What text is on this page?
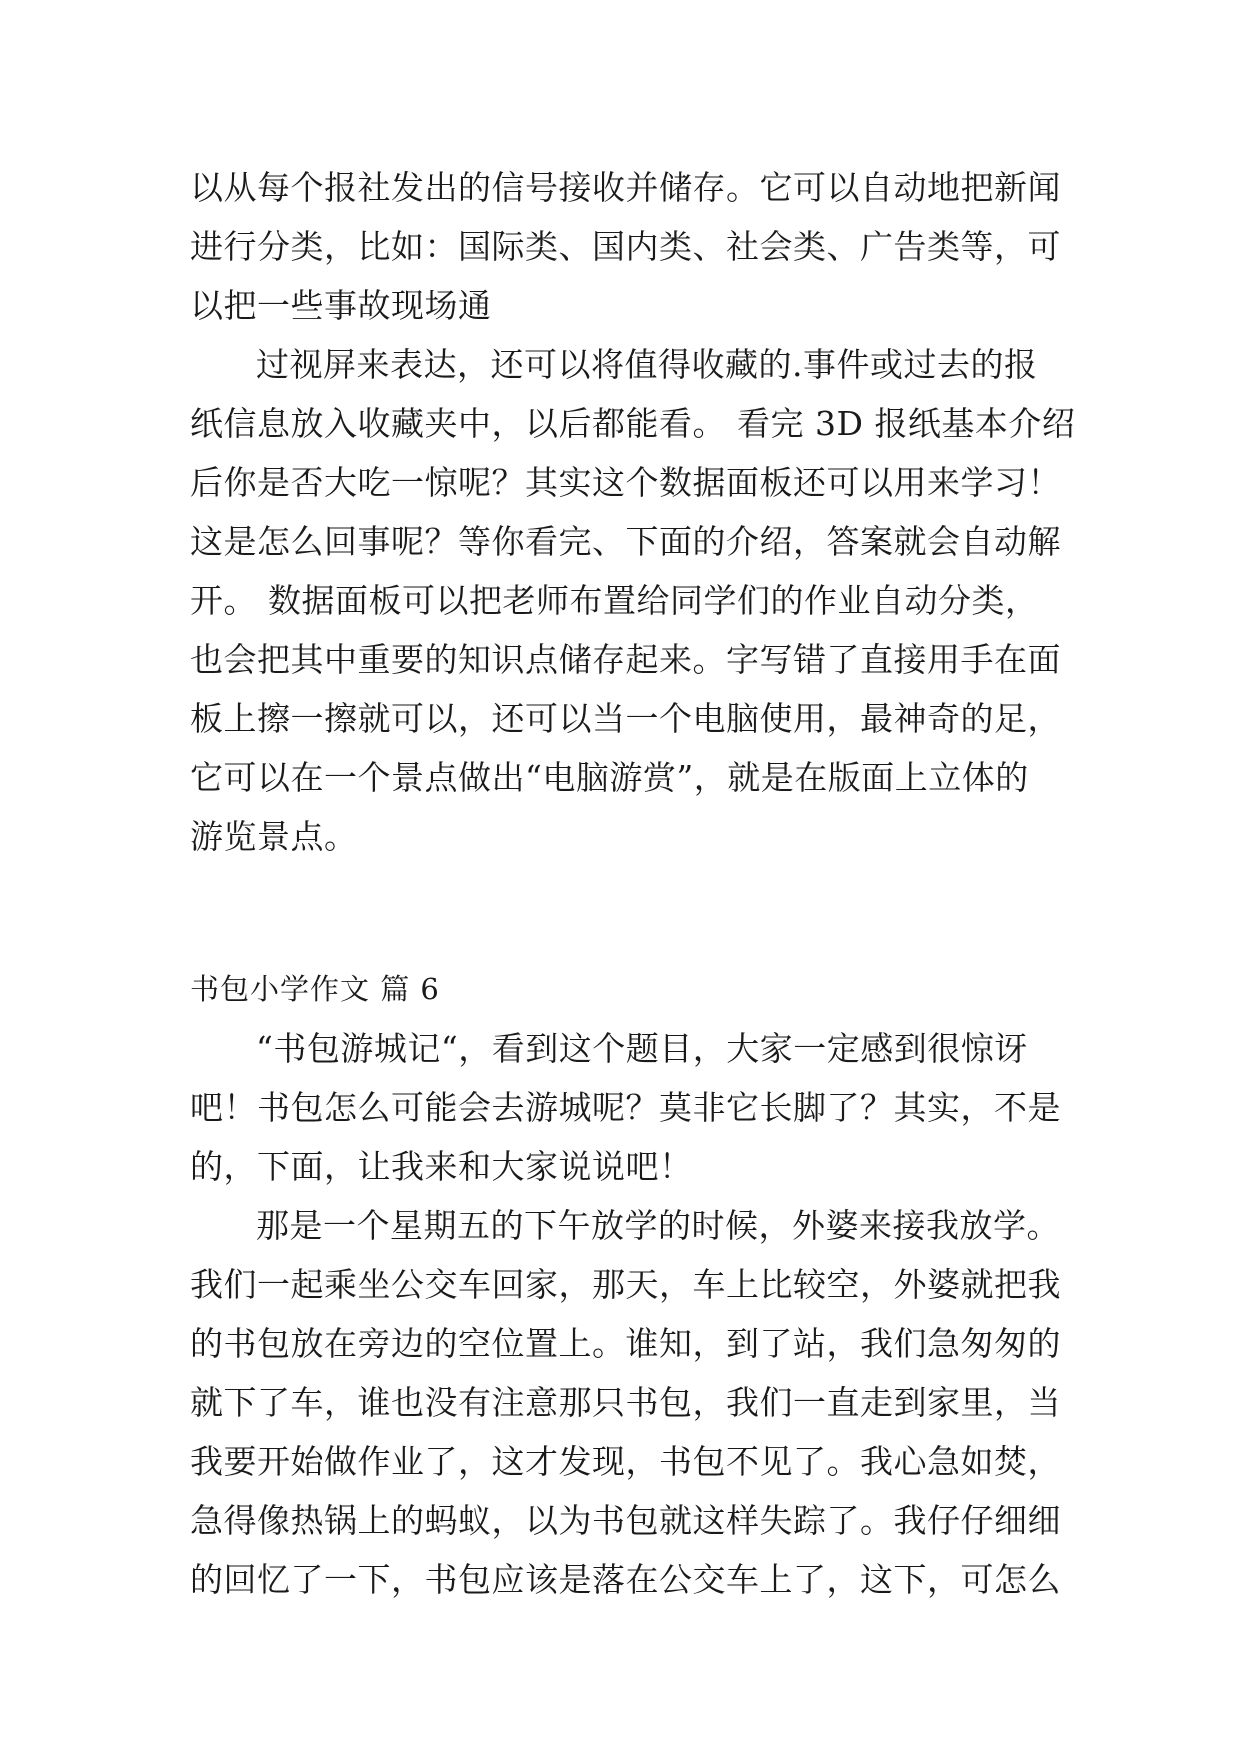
以从每个报社发出的信号接收并储存。它可以自动地把新闻
进行分类，比如：国际类、国内类、社会类、广告类等，可
以把一些事故现场通
过视屏来表达，还可以将值得收藏的.事件或过去的报
纸信息放入收藏夹中，以后都能看。 看完 3D 报纸基本介绍
后你是否大吃一惊呢？其实这个数据面板还可以用来学习！
这是怎么回事呢？等你看完、下面的介绍，答案就会自动解
开。 数据面板可以把老师布置给同学们的作业自动分类，
也会把其中重要的知识点储存起来。字写错了直接用手在面
板上擦一擦就可以，还可以当一个电脑使用，最神奇的足，
它可以在一个景点做出“电脑游赏”，就是在版面上立体的
游览景点。
书包小学作文 篇 6
“书包游城记“，看到这个题目，大家一定感到很惊讶
吧！书包怎么可能会去游城呢？莫非它长脚了？其实，不是
的，下面，让我来和大家说说吧！
那是一个星期五的下午放学的时候，外婆来接我放学。
我们一起乘坐公交车回家，那天，车上比较空，外婆就把我
的书包放在旁边的空位置上。谁知，到了站，我们急匆匆的
就下了车，谁也没有注意那只书包，我们一直走到家里，当
我要开始做作业了，这才发现，书包不见了。我心急如焚，
急得像热锅上的蚂蚁，以为书包就这样失踪了。我仔仔细细
的回忆了一下，书包应该是落在公交车上了，这下，可怎么
